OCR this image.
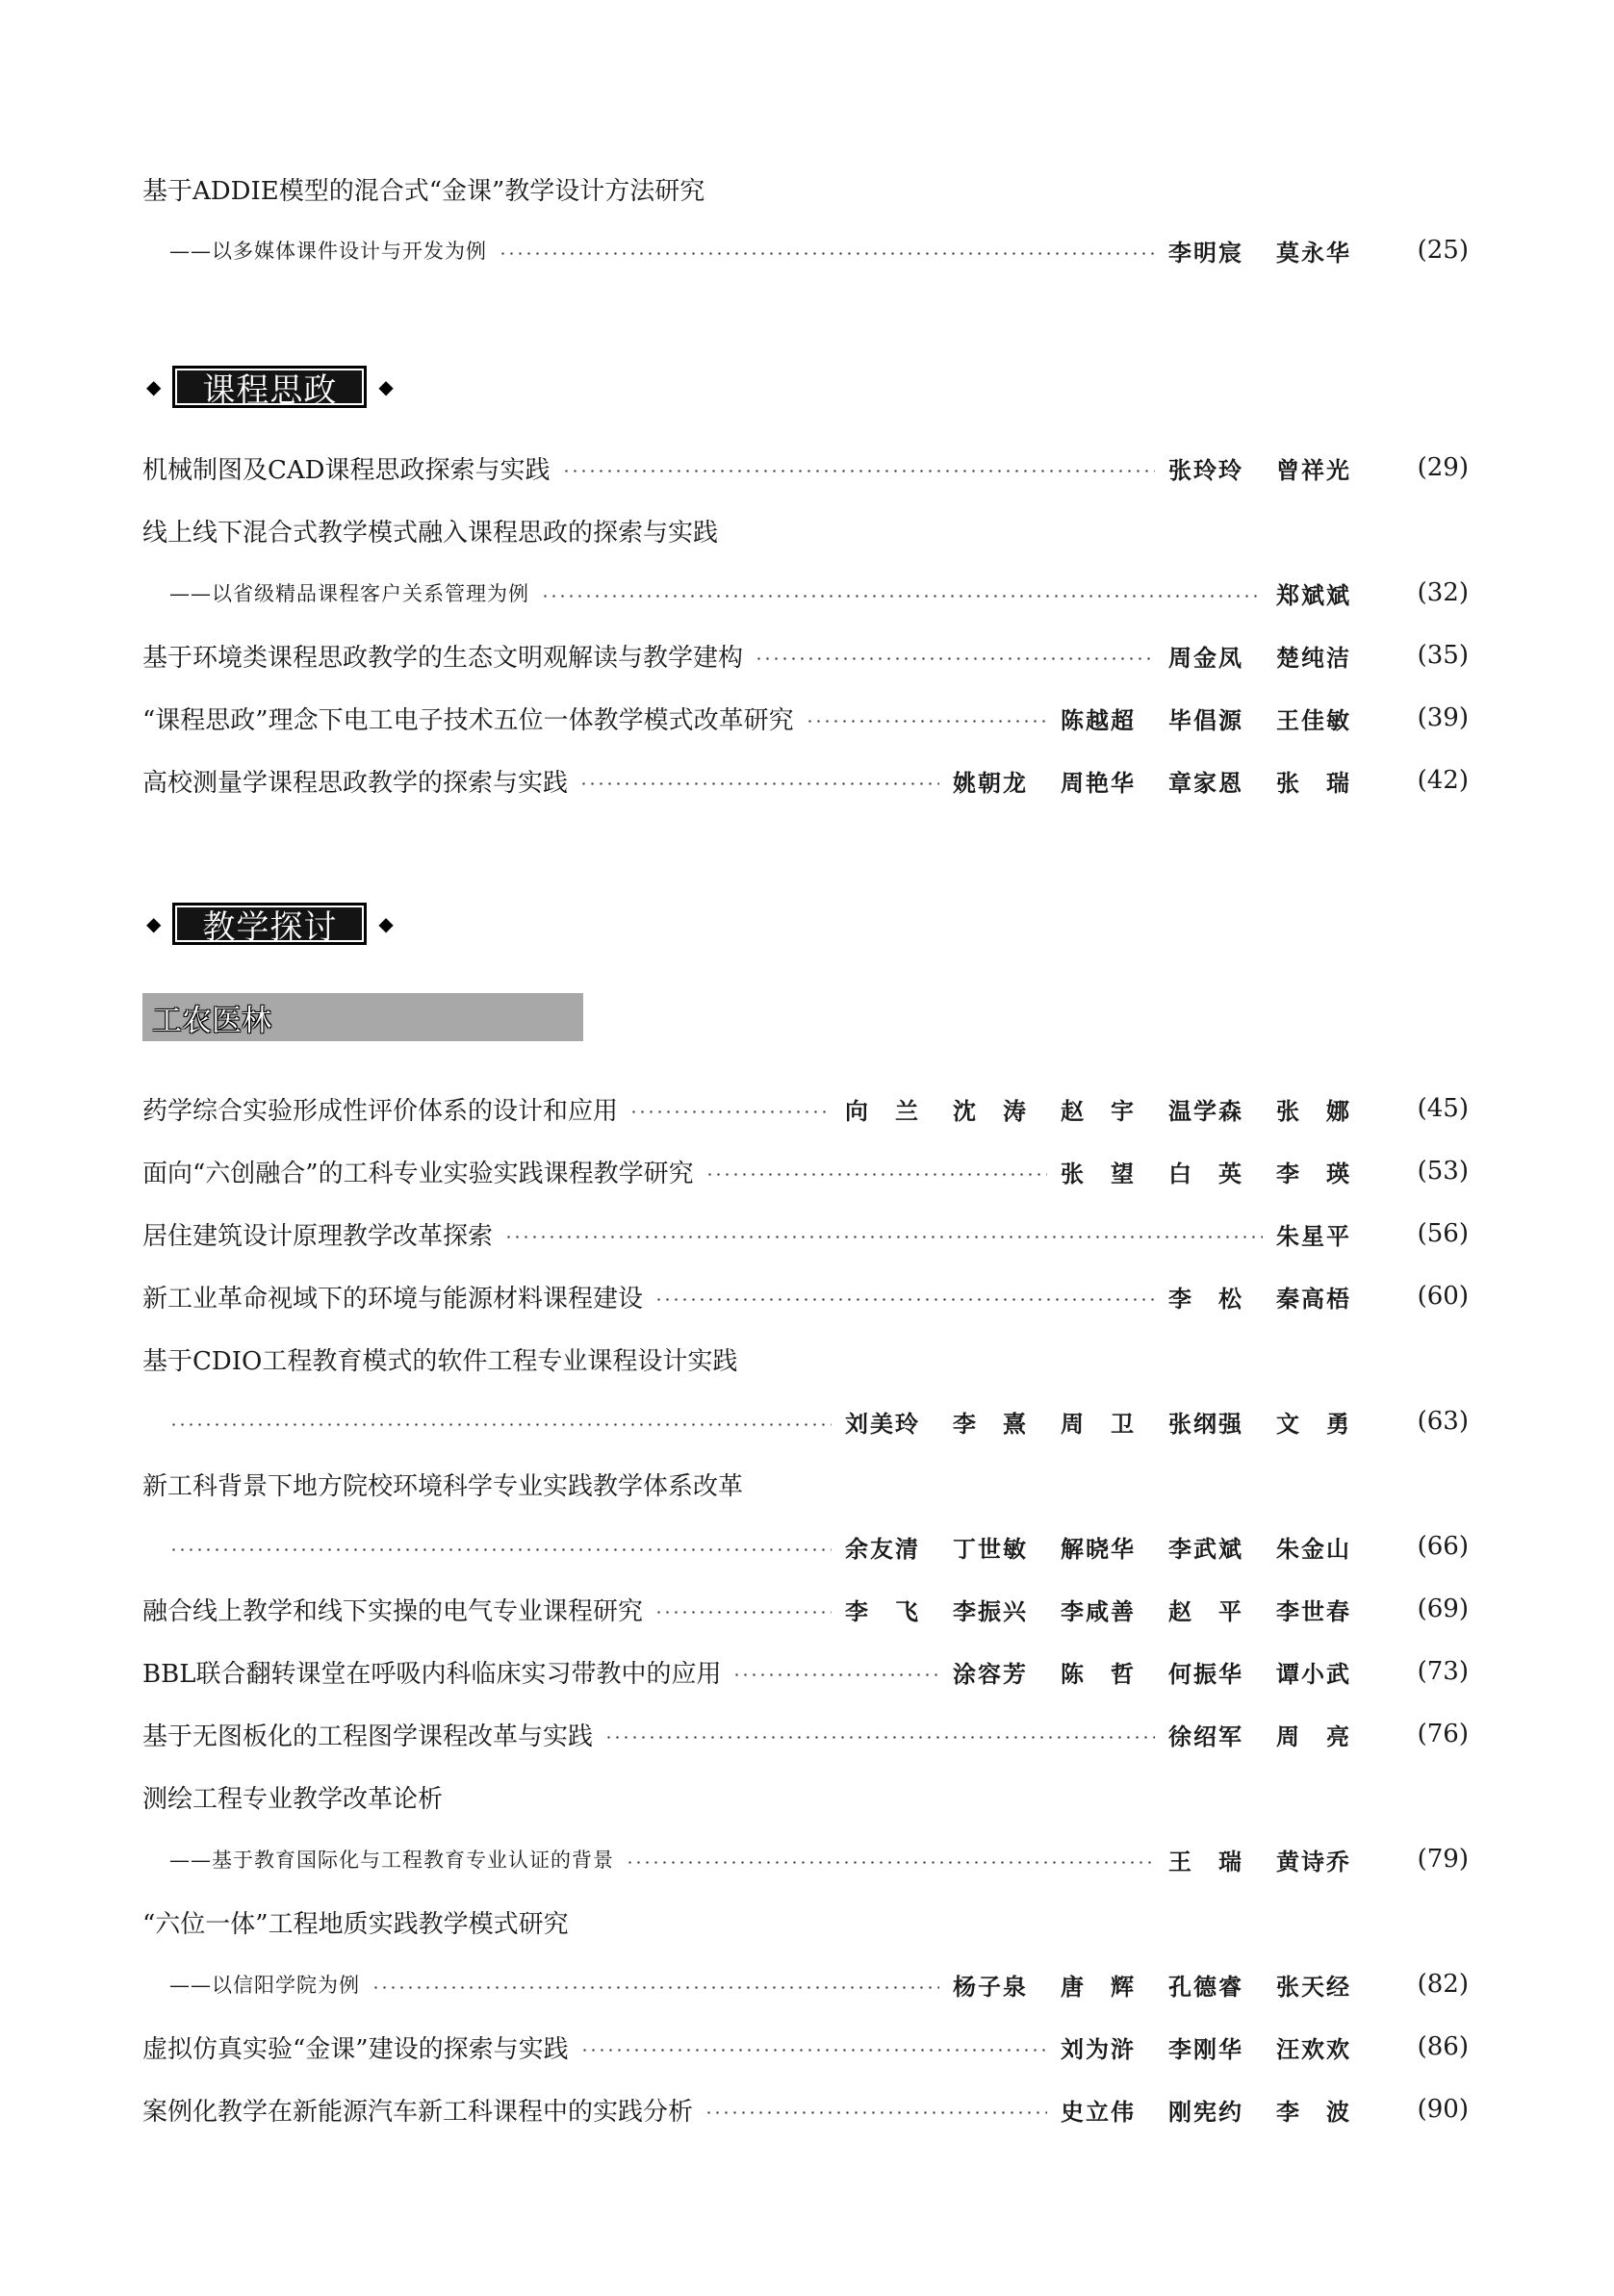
基于ADDIE模型的混合式“金课”教学设计方法研究
——以多媒体课件设计与开发为例	李明宸	莫永华	(25)
◆	课程思政	◆
机械制图及CAD课程思政探索与实践	张玲玲	曾祥光	(29)
线上线下混合式教学模式融入课程思政的探索与实践
——以省级精品课程客户关系管理为例	郑斌斌	(32)
基于环境类课程思政教学的生态文明观解读与教学建构	周金凤	楚纯洁	(35)
“课程思政”理念下电工电子技术五位一体教学模式改革研究	陈越超	毕倡源	王佳敏	(39)
高校测量学课程思政教学的探索与实践	姚朝龙	周艳华	章家恩	张　瑞	(42)
◆	教学探讨	◆
工农医林
药学综合实验形成性评价体系的设计和应用	向　兰	沈　涛	赵　宇	温学森	张　娜	(45)
面向“六创融合”的工科专业实验实践课程教学研究	张　望	白　英	李　瑛	(53)
居住建筑设计原理教学改革探索	朱星平	(56)
新工业革命视域下的环境与能源材料课程建设	李　松	秦高梧	(60)
基于CDIO工程教育模式的软件工程专业课程设计实践
刘美玲	李　熹	周　卫	张纲强	文　勇	(63)
新工科背景下地方院校环境科学专业实践教学体系改革
余友清	丁世敏	解晓华	李武斌	朱金山	(66)
融合线上教学和线下实操的电气专业课程研究	李　飞	李振兴	李咸善	赵　平	李世春	(69)
BBL联合翻转课堂在呼吸内科临床实习带教中的应用	涂容芳	陈　哲	何振华	谭小武	(73)
基于无图板化的工程图学课程改革与实践	徐绍军	周　亮	(76)
测绘工程专业教学改革论析
——基于教育国际化与工程教育专业认证的背景	王　瑞	黄诗乔	(79)
“六位一体”工程地质实践教学模式研究
——以信阳学院为例	杨子泉	唐　辉	孔德睿	张天经	(82)
虚拟仿真实验“金课”建设的探索与实践	刘为浒	李刚华	汪欢欢	(86)
案例化教学在新能源汽车新工科课程中的实践分析	史立伟	刚宪约	李　波	(90)
